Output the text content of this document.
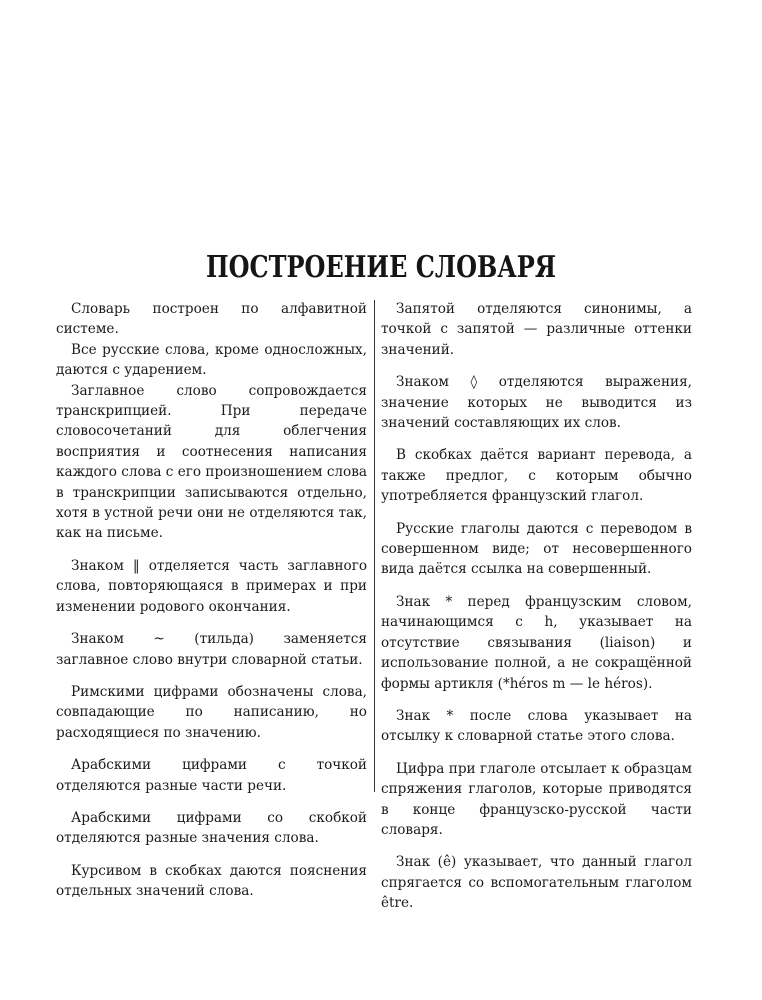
ПОСТРОЕНИЕ СЛОВАРЯ

Словарь построен по алфавитной системе.

Все русские слова, кроме односложных, даются с ударением.

Заглавное слово сопровождается транскрипцией. При передаче словосочетаний для облегчения восприятия и соотнесения написания каждого слова с его произношением слова в транскрипции записываются отдельно, хотя в устной речи они не отделяются так, как на письме.

Знаком ‖ отделяется часть заглавного слова, повторяющаяся в примерах и при изменении родового окончания.

Знаком ~ (тильда) заменяется заглавное слово внутри словарной статьи.

Римскими цифрами обозначены слова, совпадающие по написанию, но расходящиеся по значению.

Арабскими цифрами с точкой отделяются разные части речи.

Арабскими цифрами со скобкой отделяются разные значения слова.

Курсивом в скобках даются пояснения отдельных значений слова.

Запятой отделяются синонимы, а точкой с запятой — различные оттенки значений.

Знаком ◊ отделяются выражения, значение которых не выводится из значений составляющих их слов.

В скобках даётся вариант перевода, а также предлог, с которым обычно употребляется французский глагол.

Русские глаголы даются с переводом в совершенном виде; от несовершенного вида даётся ссылка на совершенный.

Знак * перед французским словом, начинающимся с h, указывает на отсутствие связывания (liaison) и использование полной, а не сокращённой формы артикля (*héros m — le héros).

Знак * после слова указывает на отсылку к словарной статье этого слова.

Цифра при глаголе отсылает к образцам спряжения глаголов, которые приводятся в конце французско-русской части словаря.

Знак (ê) указывает, что данный глагол спрягается со вспомогательным глаголом être.
